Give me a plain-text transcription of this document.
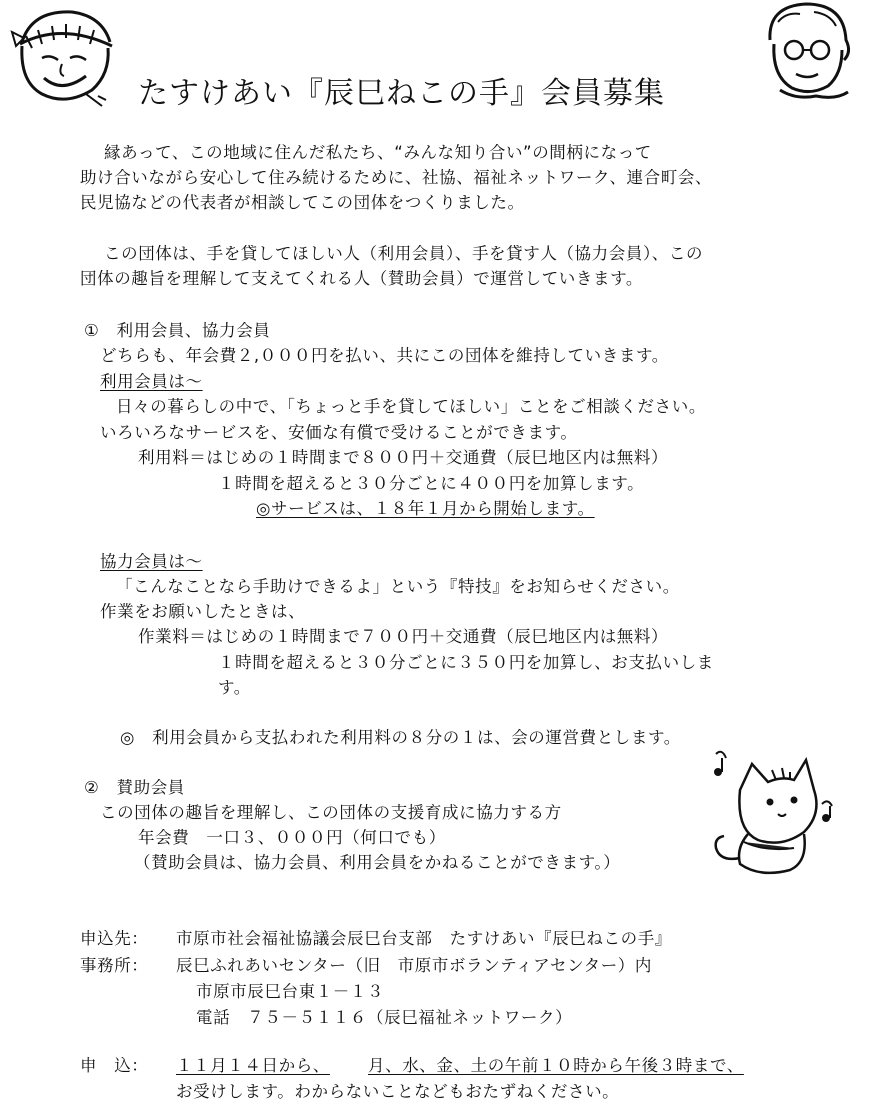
たすけあい『辰巳ねこの手』会員募集
縁あって、この地域に住んだ私たち、“みんな知り合い”の間柄になって
助け合いながら安心して住み続けるために、社協、福祉ネットワーク、連合町会、
民児協などの代表者が相談してこの団体をつくりました。
この団体は、手を貸してほしい人（利用会員）、手を貸す人（協力会員）、この
団体の趣旨を理解して支えてくれる人（賛助会員）で運営していきます。
①　利用会員、協力会員
どちらも、年会費２,０００円を払い、共にこの団体を維持していきます。
利用会員は～
日々の暮らしの中で、「ちょっと手を貸してほしい」ことをご相談ください。
いろいろなサービスを、安価な有償で受けることができます。
利用料＝はじめの１時間まで８００円＋交通費（辰巳地区内は無料）
１時間を超えると３０分ごとに４００円を加算します。
◎サービスは、１８年１月から開始します。
協力会員は～
「こんなことなら手助けできるよ」という『特技』をお知らせください。
作業をお願いしたときは、
作業料＝はじめの１時間まで７００円＋交通費（辰巳地区内は無料）
１時間を超えると３０分ごとに３５０円を加算し、お支払いしま
す。
◎　利用会員から支払われた利用料の８分の１は、会の運営費とします。
②　賛助会員
この団体の趣旨を理解し、この団体の支援育成に協力する方
年会費　一口３、０００円（何口でも）
（賛助会員は、協力会員、利用会員をかねることができます。）
申込先： 市原市社会福祉協議会辰巳台支部　たすけあい『辰巳ねこの手』
事務所： 辰巳ふれあいセンター（旧　市原市ボランティアセンター）内
市原市辰巳台東１－１３
電話　７５－５１１６（辰巳福祉ネットワーク）
申　込： １１月１４日から、 月、水、金、土の午前１０時から午後３時まで、
お受けします。わからないことなどもおたずねください。
